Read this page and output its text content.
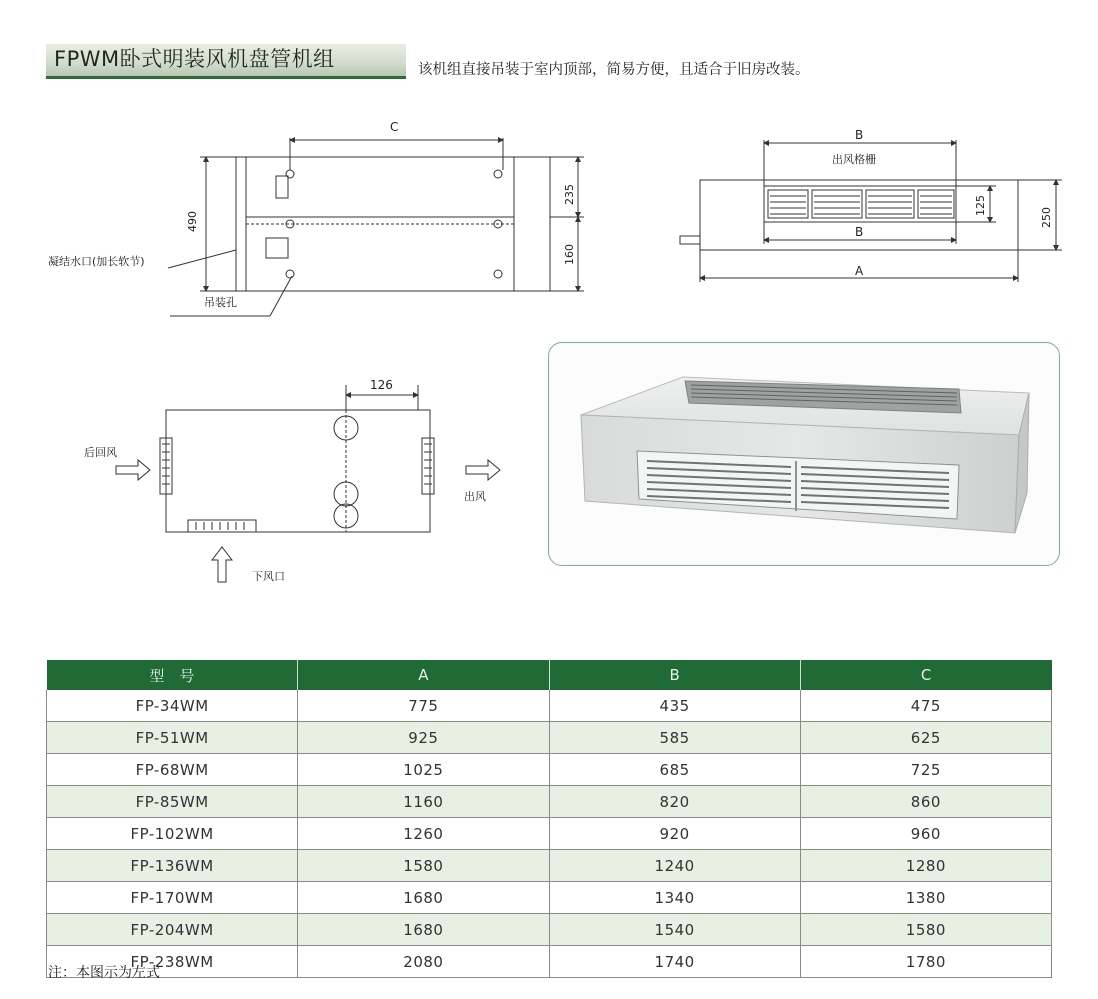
FPWM卧式明装风机盘管机组	该机组直接吊装于室内顶部，简易方便，且适合于旧房改装。
C
490
235
160
凝结水口(加长软节)
吊装孔
B
出风格栅
125
250
B
A
126
后回风
出风
下风口
型　号	A	B	C
FP-34WM	775	435	475
FP-51WM	925	585	625
FP-68WM	1025	685	725
FP-85WM	1160	820	860
FP-102WM	1260	920	960
FP-136WM	1580	1240	1280
FP-170WM	1680	1340	1380
FP-204WM	1680	1540	1580
FP-238WM	2080	1740	1780
注：本图示为左式
